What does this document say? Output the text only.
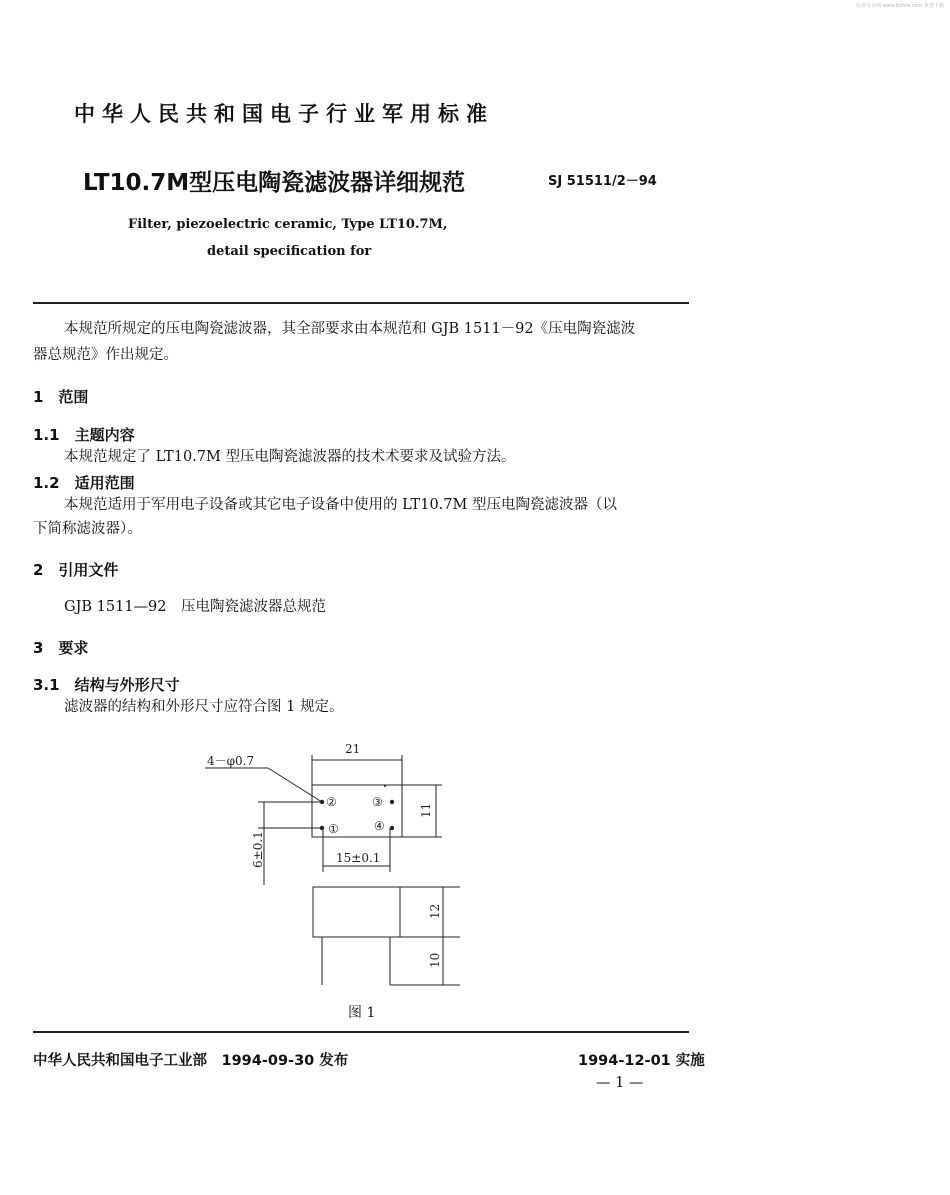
标准分享网 www.bzfxw.com 免费下载
中华人民共和国电子行业军用标准
LT10.7M型压电陶瓷滤波器详细规范	SJ 51511/2－94
Filter, piezoelectric ceramic, Type LT10.7M,
detail specification for
本规范所规定的压电陶瓷滤波器，其全部要求由本规范和 GJB 1511－92《压电陶瓷滤波
器总规范》作出规定。
1　范围
1.1　主题内容
本规范规定了 LT10.7M 型压电陶瓷滤波器的技术术要求及试验方法。
1.2　适用范围
本规范适用于军用电子设备或其它电子设备中使用的 LT10.7M 型压电陶瓷滤波器（以
下简称滤波器）。
2　引用文件
GJB 1511—92　压电陶瓷滤波器总规范
3　要求
3.1　结构与外形尺寸
滤波器的结构和外形尺寸应符合图 1 规定。
21
4－φ0.7
②	③
①	④
11
6±0.1	15±0.1
12
10
图 1
中华人民共和国电子工业部　1994-09-30 发布	1994-12-01 实施
— 1 —
